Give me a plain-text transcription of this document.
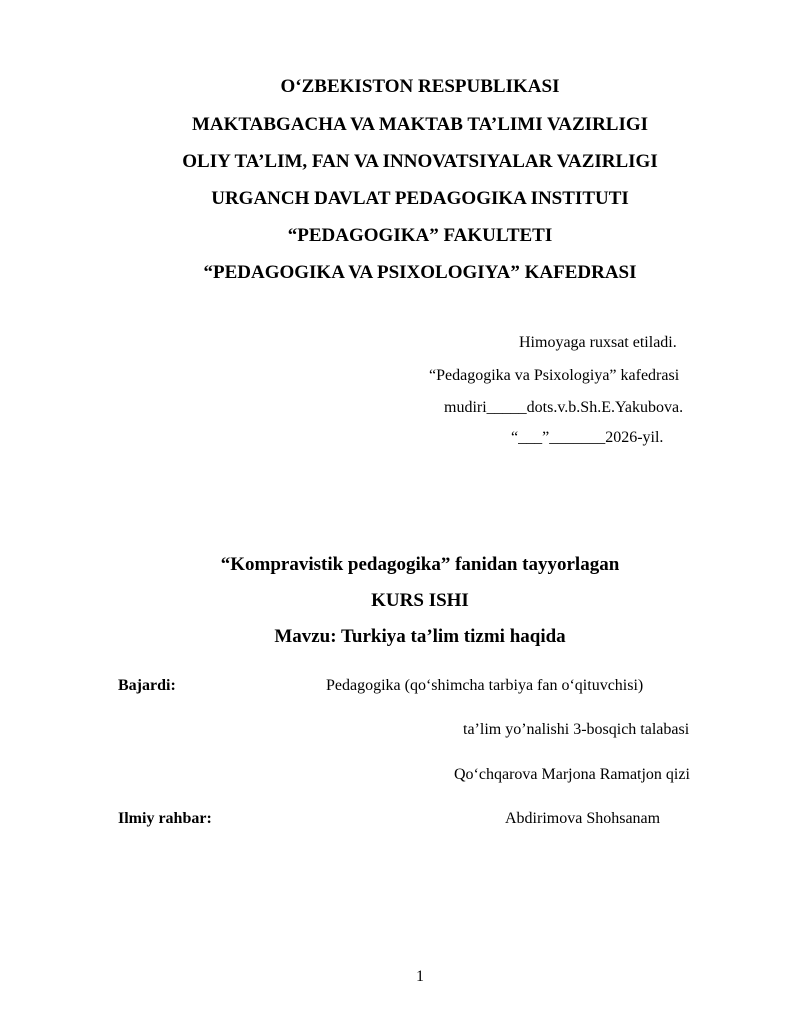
O‘ZBEKISTON RESPUBLIKASI
MAKTABGACHA VA MAKTAB TA’LIMI VAZIRLIGI
OLIY TA’LIM, FAN VA INNOVATSIYALAR VAZIRLIGI
URGANCH DAVLAT PEDAGOGIKA INSTITUTI
“PEDAGOGIKA” FAKULTETI
“PEDAGOGIKA VA PSIXOLOGIYA” KAFEDRASI
Himoyaga ruxsat etiladi.
“Pedagogika va Psixologiya” kafedrasi
mudiri_____dots.v.b.Sh.E.Yakubova.
“___”_______2026-yil.
“Kompravistik pedagogika” fanidan tayyorlagan
KURS ISHI
Mavzu: Turkiya ta’lim tizmi haqida
Bajardi:	Pedagogika (qo‘shimcha tarbiya fan o‘qituvchisi)
ta’lim yo’nalishi 3-bosqich talabasi
Qo‘chqarova Marjona Ramatjon qizi
Ilmiy rahbar:	Abdirimova Shohsanam
1
